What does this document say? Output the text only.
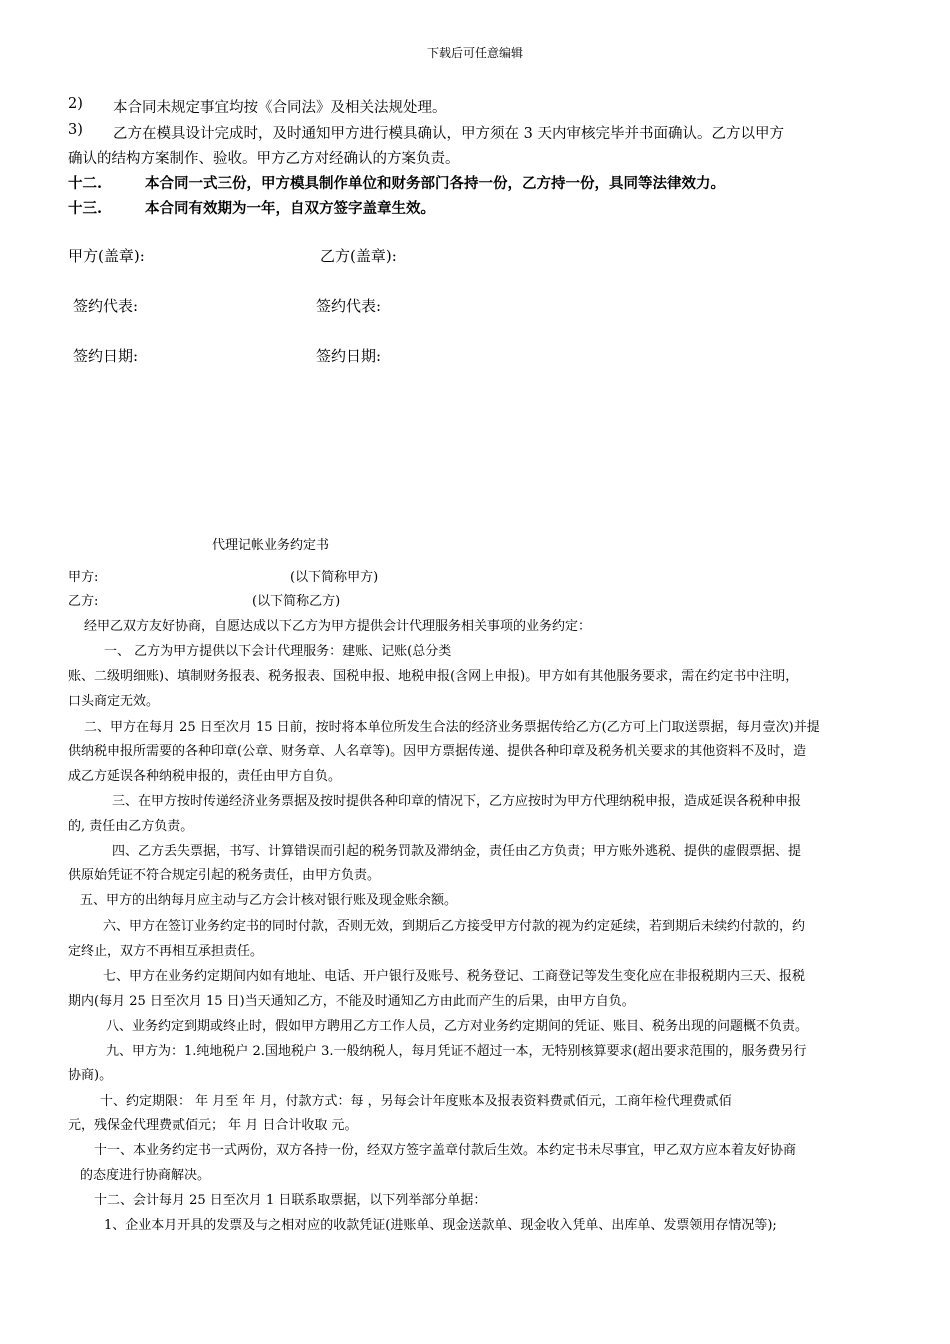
下载后可任意编辑
2) 本合同未规定事宜均按《合同法》及相关法规处理。
3) 乙方在模具设计完成时，及时通知甲方进行模具确认，甲方须在 3 天内审核完毕并书面确认。乙方以甲方
确认的结构方案制作、验收。甲方乙方对经确认的方案负责。
十二.	本合同一式三份，甲方模具制作单位和财务部门各持一份，乙方持一份，具同等法律效力。
十三.	本合同有效期为一年，自双方签字盖章生效。
甲方(盖章):	乙方(盖章):
签约代表:	签约代表:
签约日期:	签约日期:
代理记帐业务约定书
甲方:	(以下简称甲方)
乙方:	(以下简称乙方)
经甲乙双方友好协商，自愿达成以下乙方为甲方提供会计代理服务相关事项的业务约定：
一、 乙方为甲方提供以下会计代理服务：建账、记账(总分类
账、二级明细账)、填制财务报表、税务报表、国税申报、地税申报(含网上申报)。甲方如有其他服务要求，需在约定书中注明，
口头商定无效。
二、甲方在每月 25 日至次月 15 日前，按时将本单位所发生合法的经济业务票据传给乙方(乙方可上门取送票据，每月壹次)并提
供纳税申报所需要的各种印章(公章、财务章、人名章等)。因甲方票据传递、提供各种印章及税务机关要求的其他资料不及时，造
成乙方延误各种纳税申报的，责任由甲方自负。
三、在甲方按时传递经济业务票据及按时提供各种印章的情况下，乙方应按时为甲方代理纳税申报，造成延误各税种申报
的, 责任由乙方负责。
四、乙方丢失票据，书写、计算错误而引起的税务罚款及滞纳金，责任由乙方负责；甲方账外逃税、提供的虚假票据、提
供原始凭证不符合规定引起的税务责任，由甲方负责。
五、甲方的出纳每月应主动与乙方会计核对银行账及现金账余额。
六、甲方在签订业务约定书的同时付款，否则无效，到期后乙方接受甲方付款的视为约定延续，若到期后未续约付款的，约
定终止，双方不再相互承担责任。
七、甲方在业务约定期间内如有地址、电话、开户银行及账号、税务登记、工商登记等发生变化应在非报税期内三天、报税
期内(每月 25 日至次月 15 日)当天通知乙方，不能及时通知乙方由此而产生的后果，由甲方自负。
八、业务约定到期或终止时，假如甲方聘用乙方工作人员，乙方对业务约定期间的凭证、账目、税务出现的问题概不负责。
九、甲方为：1.纯地税户 2.国地税户 3.一般纳税人，每月凭证不超过一本，无特别核算要求(超出要求范围的，服务费另行
协商)。
十、约定期限： 年 月至 年 月，付款方式：每 ，另每会计年度账本及报表资料费贰佰元，工商年检代理费贰佰
元，残保金代理费贰佰元； 年 月 日合计收取 元。
十一、本业务约定书一式两份，双方各持一份，经双方签字盖章付款后生效。本约定书未尽事宜，甲乙双方应本着友好协商
的态度进行协商解决。
十二、会计每月 25 日至次月 1 日联系取票据，以下列举部分单据：
1、企业本月开具的发票及与之相对应的收款凭证(进账单、现金送款单、现金收入凭单、出库单、发票领用存情况等);
